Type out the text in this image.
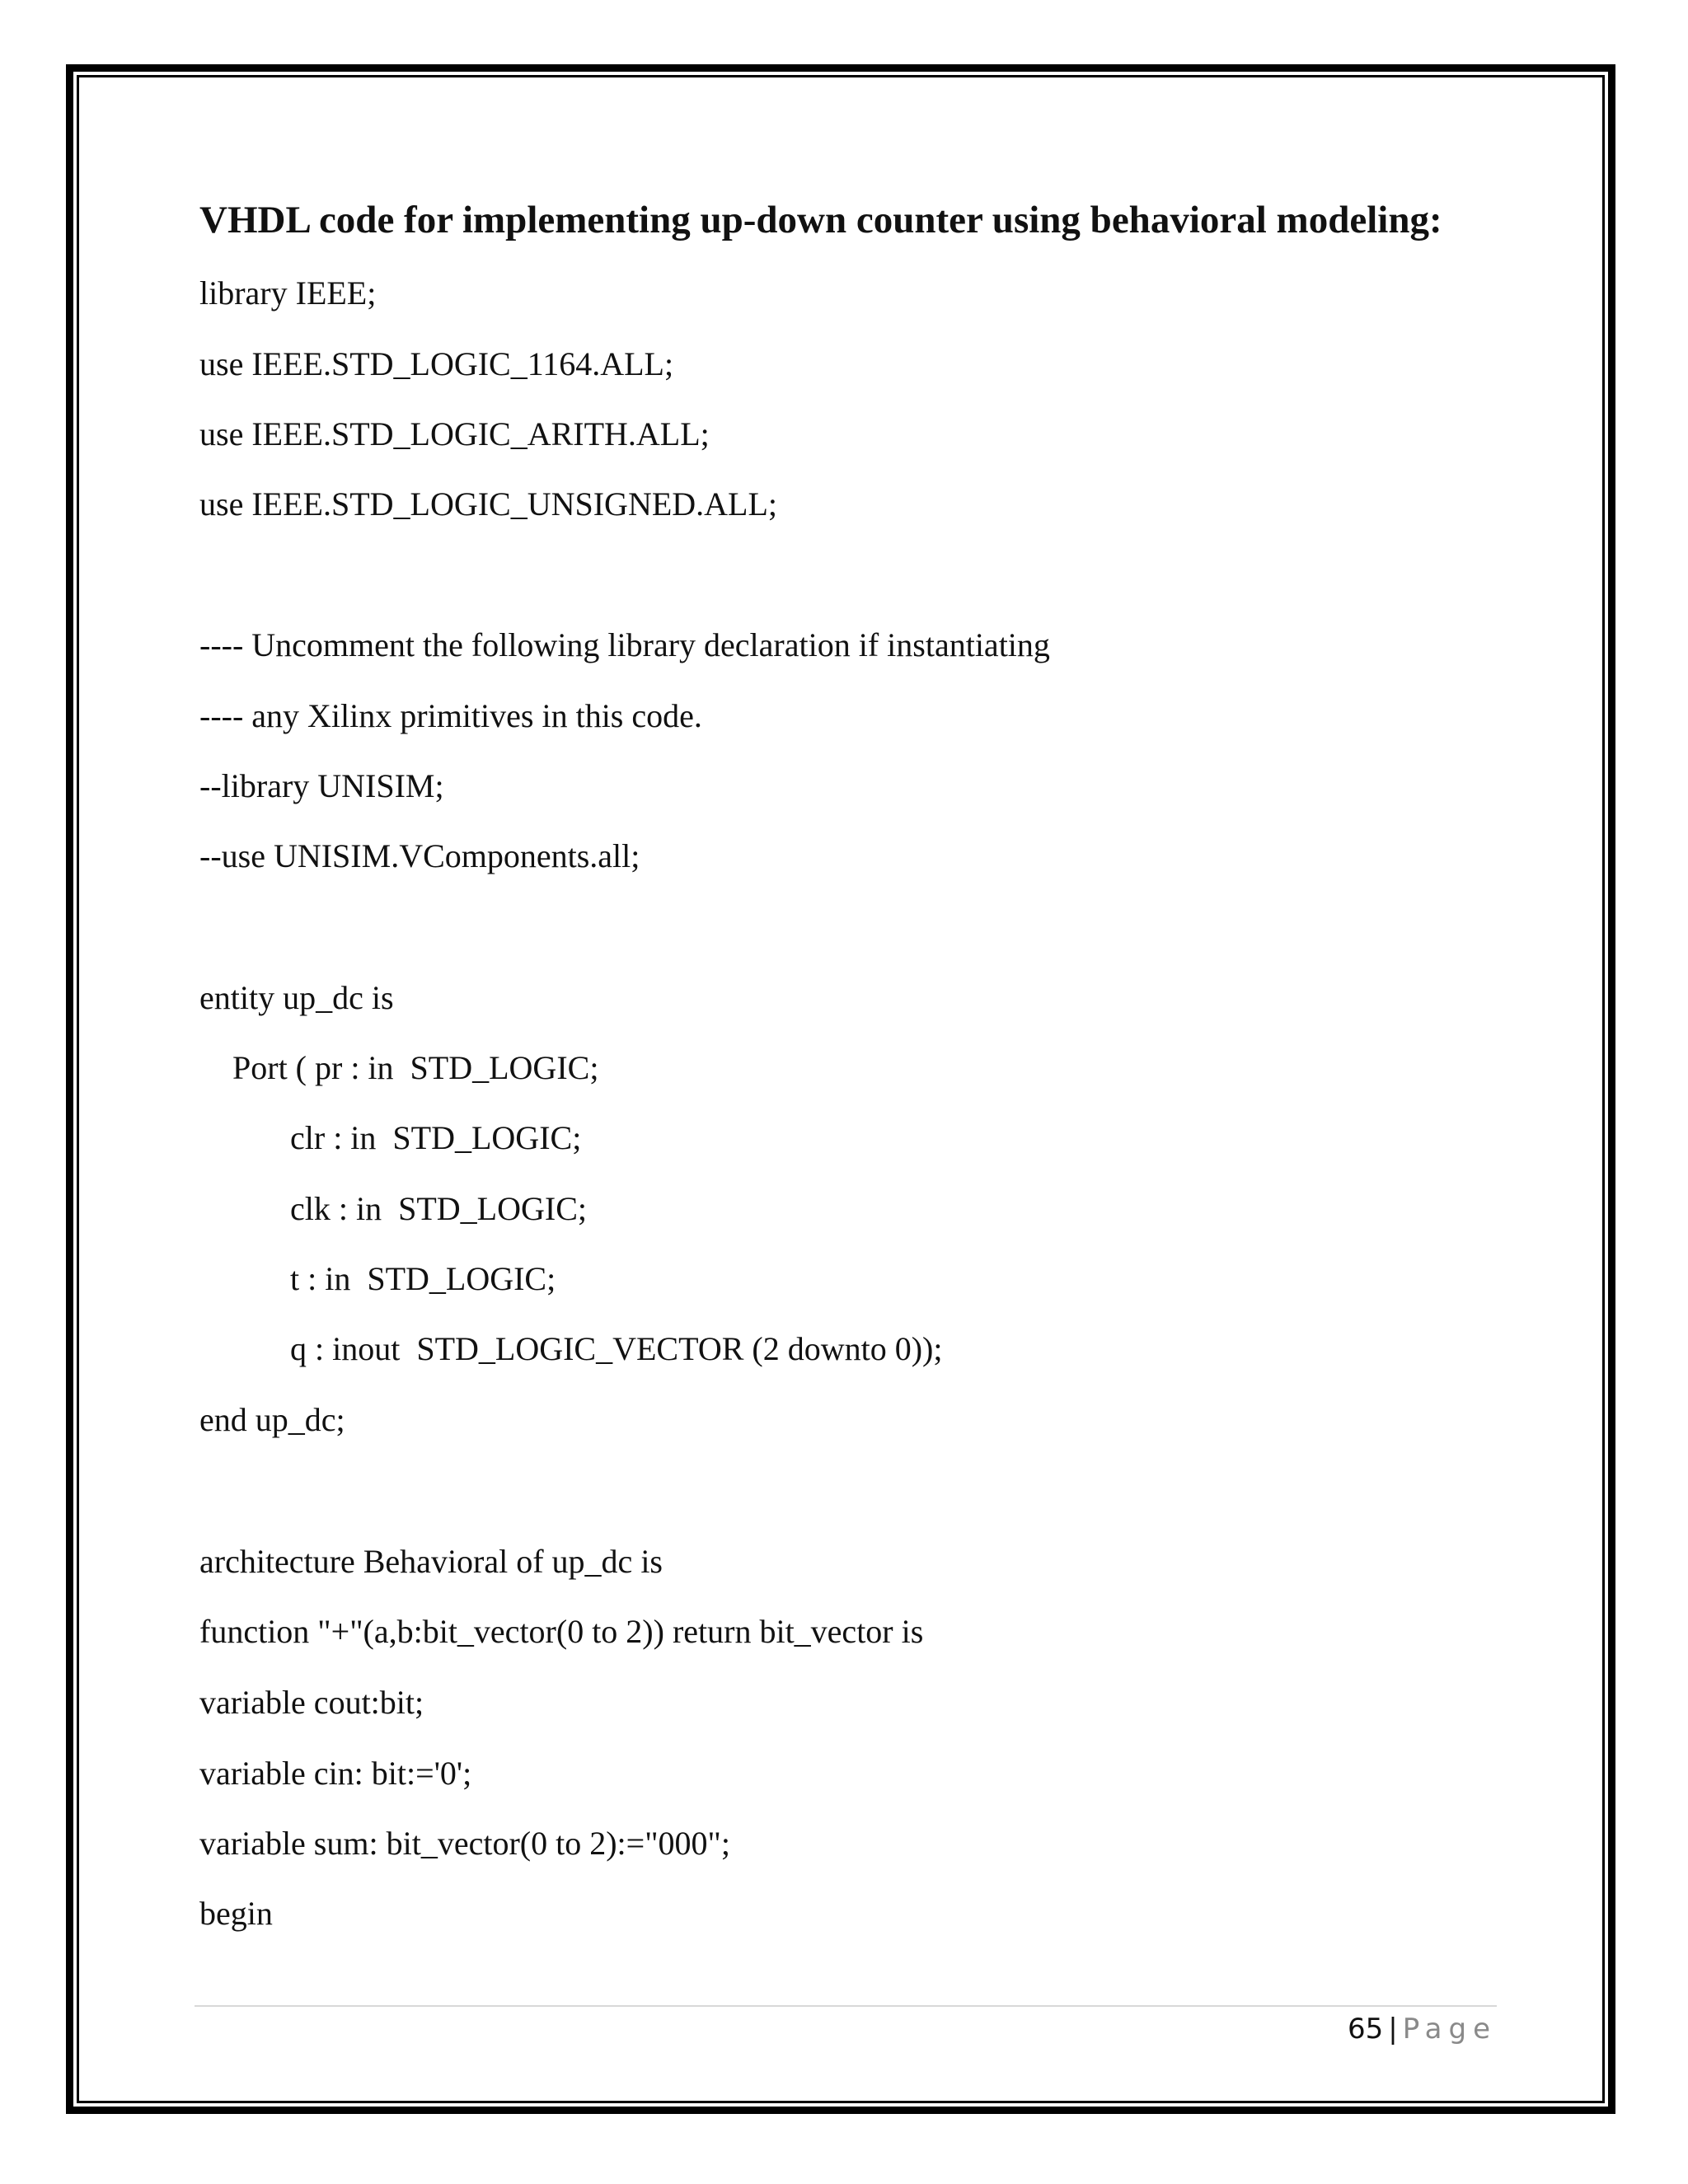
VHDL code for implementing up-down counter using behavioral modeling:
library IEEE;
use IEEE.STD_LOGIC_1164.ALL;
use IEEE.STD_LOGIC_ARITH.ALL;
use IEEE.STD_LOGIC_UNSIGNED.ALL;
---- Uncomment the following library declaration if instantiating
---- any Xilinx primitives in this code.
--library UNISIM;
--use UNISIM.VComponents.all;
entity up_dc is
Port ( pr : in  STD_LOGIC;
clr : in  STD_LOGIC;
clk : in  STD_LOGIC;
t : in  STD_LOGIC;
q : inout  STD_LOGIC_VECTOR (2 downto 0));
end up_dc;
architecture Behavioral of up_dc is
function "+"(a,b:bit_vector(0 to 2)) return bit_vector is
variable cout:bit;
variable cin: bit:='0';
variable sum: bit_vector(0 to 2):="000";
begin
65 | Page
